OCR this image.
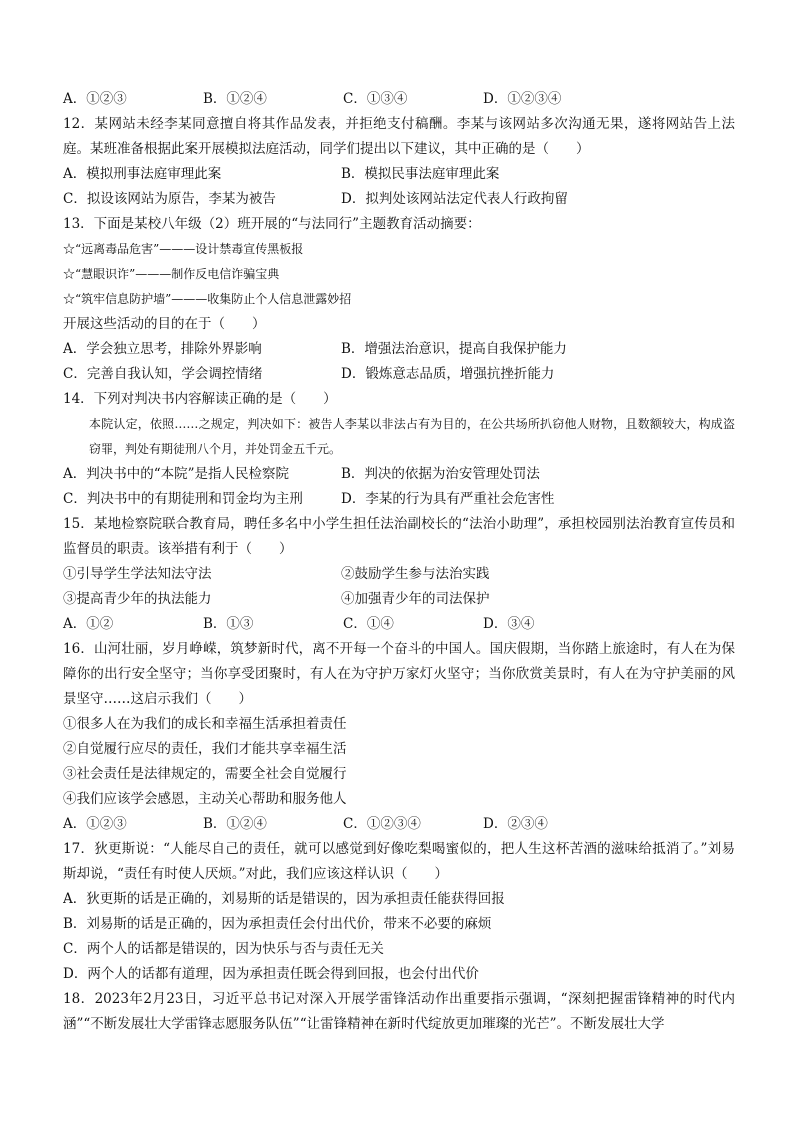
A．①②③	B．①②④	C．①③④	D．①②③④
12．某网站未经李某同意擅自将其作品发表，并拒绝支付稿酬。李某与该网站多次沟通无果，遂将网站告上法庭。某班准备根据此案开展模拟法庭活动，同学们提出以下建议，其中正确的是（　　）
A．模拟刑事法庭审理此案	B．模拟民事法庭审理此案
C．拟设该网站为原告，李某为被告	D．拟判处该网站法定代表人行政拘留
13．下面是某校八年级（2）班开展的“与法同行”主题教育活动摘要：
☆“远离毒品危害”———设计禁毒宣传黑板报
☆“慧眼识诈”———制作反电信诈骗宝典
☆“筑牢信息防护墙”———收集防止个人信息泄露妙招
开展这些活动的目的在于（　　）
A．学会独立思考，排除外界影响	B．增强法治意识，提高自我保护能力
C．完善自我认知，学会调控情绪	D．锻炼意志品质，增强抗挫折能力
14．下列对判决书内容解读正确的是（　　）
本院认定，依照……之规定，判决如下：被告人李某以非法占有为目的，在公共场所扒窃他人财物，且数额较大，构成盗窃罪，判处有期徒刑八个月，并处罚金五千元。
A．判决书中的“本院”是指人民检察院	B．判决的依据为治安管理处罚法
C．判决书中的有期徒刑和罚金均为主刑	D．李某的行为具有严重社会危害性
15．某地检察院联合教育局，聘任多名中小学生担任法治副校长的“法治小助理”，承担校园别法治教育宣传员和监督员的职责。该举措有利于（　　）
①引导学生学法知法守法	②鼓励学生参与法治实践
③提高青少年的执法能力	④加强青少年的司法保护
A．①②	B．①③	C．①④	D．③④
16．山河壮丽，岁月峥嵘，筑梦新时代，离不开每一个奋斗的中国人。国庆假期，当你踏上旅途时，有人在为保障你的出行安全坚守；当你享受团聚时，有人在为守护万家灯火坚守；当你欣赏美景时，有人在为守护美丽的风景坚守……这启示我们（　　）
①很多人在为我们的成长和幸福生活承担着责任
②自觉履行应尽的责任，我们才能共享幸福生活
③社会责任是法律规定的，需要全社会自觉履行
④我们应该学会感恩，主动关心帮助和服务他人
A．①②③	B．①②④	C．①②③④	D．②③④
17．狄更斯说：“人能尽自己的责任，就可以感觉到好像吃梨喝蜜似的，把人生这杯苦酒的滋味给抵消了。”刘易斯却说，“责任有时使人厌烦。”对此，我们应该这样认识（　　）
A．狄更斯的话是正确的，刘易斯的话是错误的，因为承担责任能获得回报
B．刘易斯的话是正确的，因为承担责任会付出代价，带来不必要的麻烦
C．两个人的话都是错误的，因为快乐与否与责任无关
D．两个人的话都有道理，因为承担责任既会得到回报，也会付出代价
18．2023年2月23日，习近平总书记对深入开展学雷锋活动作出重要指示强调，“深刻把握雷锋精神的时代内涵”“不断发展壮大学雷锋志愿服务队伍”“让雷锋精神在新时代绽放更加璀璨的光芒”。不断发展壮大学
